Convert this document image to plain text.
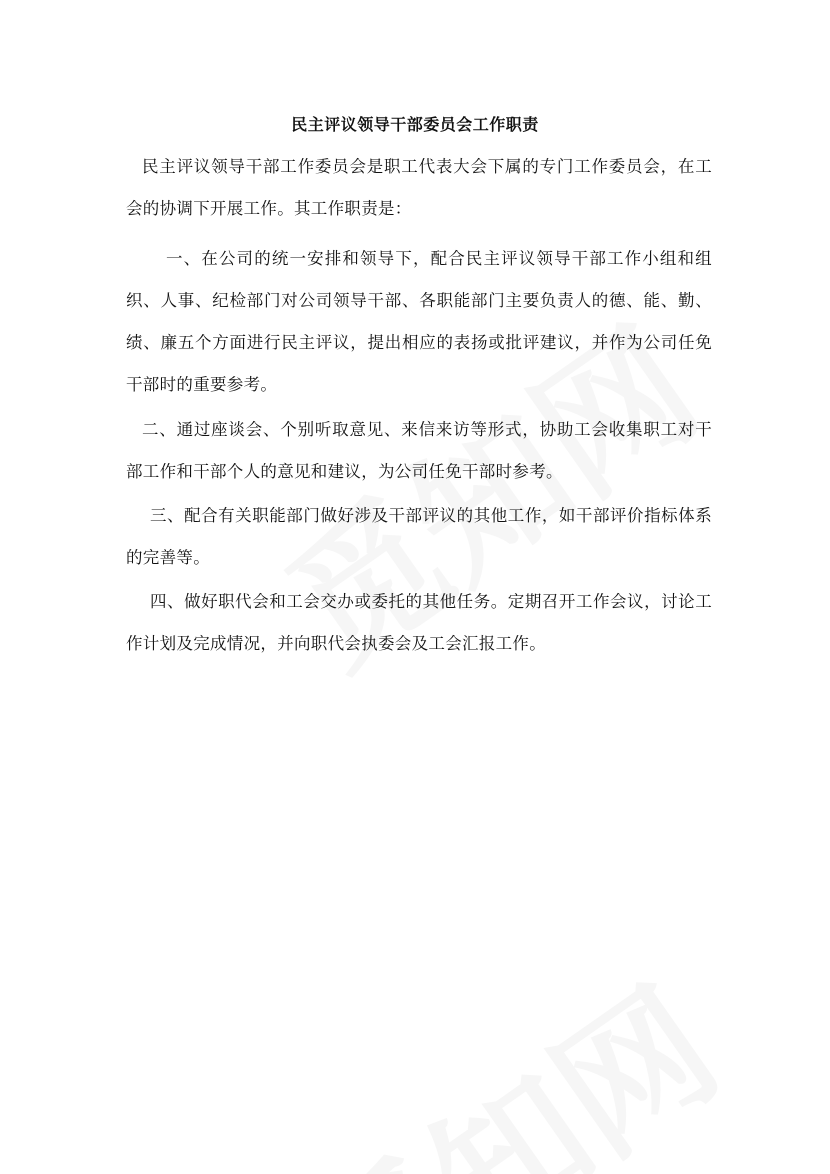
民主评议领导干部委员会工作职责

民主评议领导干部工作委员会是职工代表大会下属的专门工作委员会，在工会的协调下开展工作。其工作职责是：

一、在公司的统一安排和领导下，配合民主评议领导干部工作小组和组织、人事、纪检部门对公司领导干部、各职能部门主要负责人的德、能、勤、绩、廉五个方面进行民主评议，提出相应的表扬或批评建议，并作为公司任免干部时的重要参考。

二、通过座谈会、个别听取意见、来信来访等形式，协助工会收集职工对干部工作和干部个人的意见和建议，为公司任免干部时参考。

三、配合有关职能部门做好涉及干部评议的其他工作，如干部评价指标体系的完善等。

四、做好职代会和工会交办或委托的其他任务。定期召开工作会议，讨论工作计划及完成情况，并向职代会执委会及工会汇报工作。
